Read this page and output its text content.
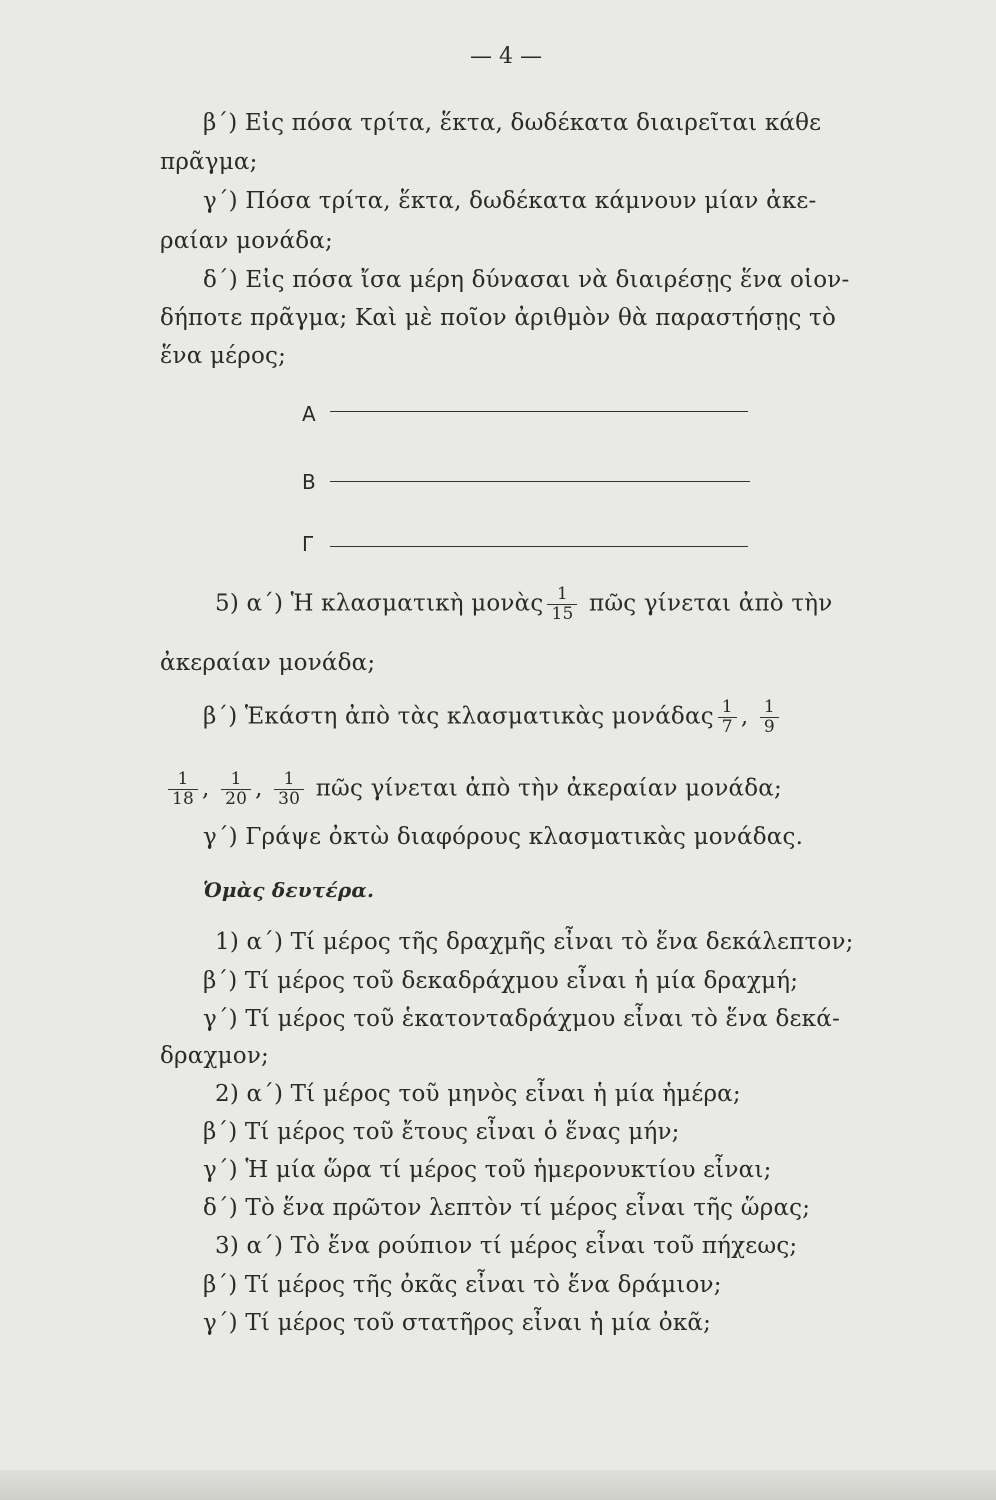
— 4 —
β΄) Εἰς πόσα τρίτα, ἕκτα, δωδέκατα διαιρεῖται κάθε
πρᾶγμα;
γ΄) Πόσα τρίτα, ἕκτα, δωδέκατα κάμνουν μίαν ἀκε-
ραίαν μονάδα;
δ΄) Εἰς πόσα ἴσα μέρη δύνασαι νὰ διαιρέσῃς ἕνα οἱον-
δήποτε πρᾶγμα; Καὶ μὲ ποῖον ἀριθμὸν θὰ παραστήσῃς τὸ
ἕνα μέρος;
A
B
Γ
5) α΄) Ἡ κλασματικὴ μονὰς $\frac{1}{15}$ πῶς γίνεται ἀπὸ τὴν
ἀκεραίαν μονάδα;
β΄) Ἑκάστη ἀπὸ τὰς κλασματικὰς μονάδας $\frac{1}{7}$ , $\frac{1}{9}$
$\frac{1}{18}$ , $\frac{1}{20}$ , $\frac{1}{30}$ πῶς γίνεται ἀπὸ τὴν ἀκεραίαν μονάδα;
γ΄) Γράψε ὀκτὼ διαφόρους κλασματικὰς μονάδας.
Ὁμὰς δευτέρα.
1) α΄) Τί μέρος τῆς δραχμῆς εἶναι τὸ ἕνα δεκάλεπτον;
β΄) Τί μέρος τοῦ δεκαδράχμου εἶναι ἡ μία δραχμή;
γ΄) Τί μέρος τοῦ ἑκατονταδράχμου εἶναι τὸ ἕνα δεκά-
δραχμον;
2) α΄) Τί μέρος τοῦ μηνὸς εἶναι ἡ μία ἡμέρα;
β΄) Τί μέρος τοῦ ἔτους εἶναι ὁ ἕνας μήν;
γ΄) Ἡ μία ὥρα τί μέρος τοῦ ἡμερονυκτίου εἶναι;
δ΄) Τὸ ἕνα πρῶτον λεπτὸν τί μέρος εἶναι τῆς ὥρας;
3) α΄) Τὸ ἕνα ρούπιον τί μέρος εἶναι τοῦ πήχεως;
β΄) Τί μέρος τῆς ὀκᾶς εἶναι τὸ ἕνα δράμιον;
γ΄) Τί μέρος τοῦ στατῆρος εἶναι ἡ μία ὀκᾶ;
